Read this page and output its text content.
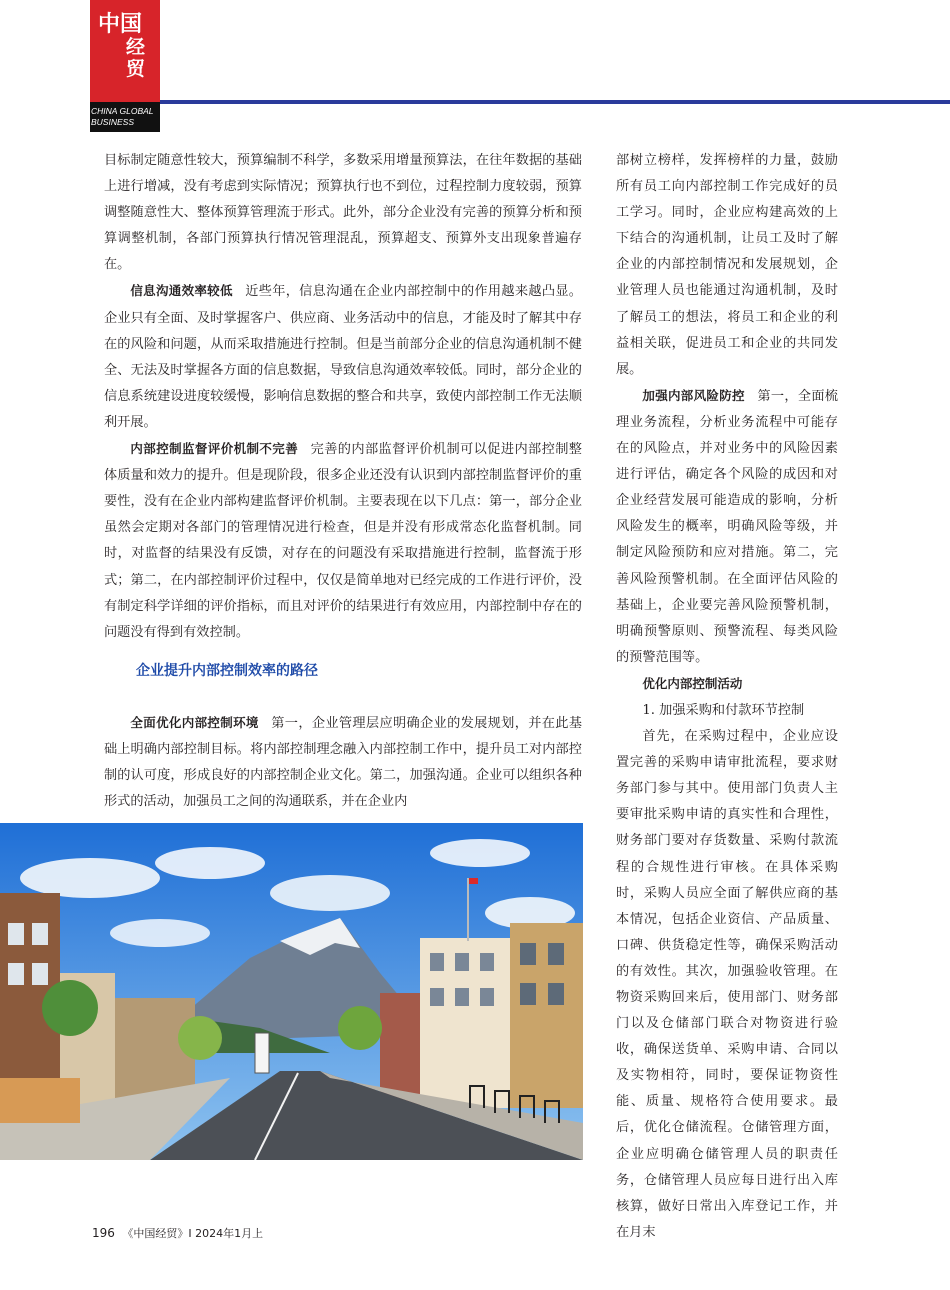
中国
经贸
CHINA GLOBAL
BUSINESS

目标制定随意性较大，预算编制不科学，多数采用增量预算法，在往年数据的基础上进行增减，没有考虑到实际情况；预算执行也不到位，过程控制力度较弱，预算调整随意性大、整体预算管理流于形式。此外，部分企业没有完善的预算分析和预算调整机制，各部门预算执行情况管理混乱，预算超支、预算外支出现象普遍存在。

信息沟通效率较低 近些年，信息沟通在企业内部控制中的作用越来越凸显。企业只有全面、及时掌握客户、供应商、业务活动中的信息，才能及时了解其中存在的风险和问题，从而采取措施进行控制。但是当前部分企业的信息沟通机制不健全、无法及时掌握各方面的信息数据，导致信息沟通效率较低。同时，部分企业的信息系统建设进度较缓慢，影响信息数据的整合和共享，致使内部控制工作无法顺利开展。

内部控制监督评价机制不完善 完善的内部监督评价机制可以促进内部控制整体质量和效力的提升。但是现阶段，很多企业还没有认识到内部控制监督评价的重要性，没有在企业内部构建监督评价机制。主要表现在以下几点：第一，部分企业虽然会定期对各部门的管理情况进行检查，但是并没有形成常态化监督机制。同时，对监督的结果没有反馈，对存在的问题没有采取措施进行控制，监督流于形式；第二，在内部控制评价过程中，仅仅是简单地对已经完成的工作进行评价，没有制定科学详细的评价指标，而且对评价的结果进行有效应用，内部控制中存在的问题没有得到有效控制。

企业提升内部控制效率的路径

全面优化内部控制环境 第一，企业管理层应明确企业的发展规划，并在此基础上明确内部控制目标。将内部控制理念融入内部控制工作中，提升员工对内部控制的认可度，形成良好的内部控制企业文化。第二，加强沟通。企业可以组织各种形式的活动，加强员工之间的沟通联系，并在企业内

部树立榜样，发挥榜样的力量，鼓励所有员工向内部控制工作完成好的员工学习。同时，企业应构建高效的上下结合的沟通机制，让员工及时了解企业的内部控制情况和发展规划，企业管理人员也能通过沟通机制，及时了解员工的想法，将员工和企业的利益相关联，促进员工和企业的共同发展。

加强内部风险防控 第一，全面梳理业务流程，分析业务流程中可能存在的风险点，并对业务中的风险因素进行评估，确定各个风险的成因和对企业经营发展可能造成的影响，分析风险发生的概率，明确风险等级，并制定风险预防和应对措施。第二，完善风险预警机制。在全面评估风险的基础上，企业要完善风险预警机制，明确预警原则、预警流程、每类风险的预警范围等。

优化内部控制活动

1. 加强采购和付款环节控制

首先，在采购过程中，企业应设置完善的采购申请审批流程，要求财务部门参与其中。使用部门负责人主要审批采购申请的真实性和合理性，财务部门要对存货数量、采购付款流程的合规性进行审核。在具体采购时，采购人员应全面了解供应商的基本情况，包括企业资信、产品质量、口碑、供货稳定性等，确保采购活动的有效性。其次，加强验收管理。在物资采购回来后，使用部门、财务部门以及仓储部门联合对物资进行验收，确保送货单、采购申请、合同以及实物相符，同时，要保证物资性能、质量、规格符合使用要求。最后，优化仓储流程。仓储管理方面，企业应明确仓储管理人员的职责任务，仓储管理人员应每日进行出入库核算，做好日常出入库登记工作，并在月末

196 《中国经贸》I 2024年1月上
